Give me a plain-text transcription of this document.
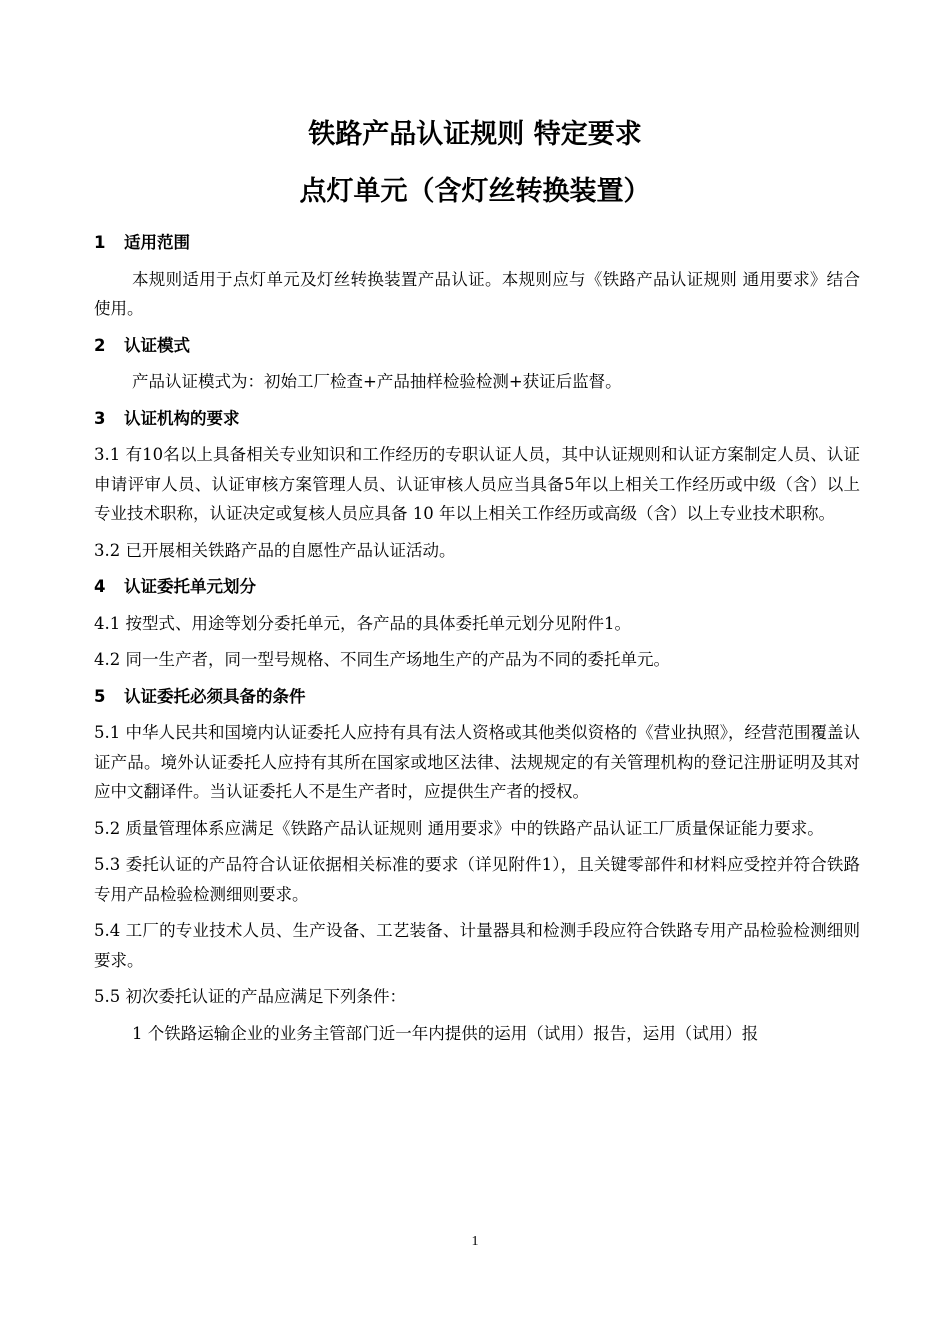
铁路产品认证规则 特定要求
点灯单元（含灯丝转换装置）

1 适用范围

本规则适用于点灯单元及灯丝转换装置产品认证。本规则应与《铁路产品认证规则 通用要求》结合使用。

2 认证模式

产品认证模式为：初始工厂检查+产品抽样检验检测+获证后监督。

3 认证机构的要求

3.1 有10名以上具备相关专业知识和工作经历的专职认证人员，其中认证规则和认证方案制定人员、认证申请评审人员、认证审核方案管理人员、认证审核人员应当具备5年以上相关工作经历或中级（含）以上专业技术职称，认证决定或复核人员应具备 10 年以上相关工作经历或高级（含）以上专业技术职称。

3.2 已开展相关铁路产品的自愿性产品认证活动。

4 认证委托单元划分

4.1 按型式、用途等划分委托单元，各产品的具体委托单元划分见附件1。

4.2 同一生产者，同一型号规格、不同生产场地生产的产品为不同的委托单元。

5 认证委托必须具备的条件

5.1 中华人民共和国境内认证委托人应持有具有法人资格或其他类似资格的《营业执照》，经营范围覆盖认证产品。境外认证委托人应持有其所在国家或地区法律、法规规定的有关管理机构的登记注册证明及其对应中文翻译件。当认证委托人不是生产者时，应提供生产者的授权。

5.2 质量管理体系应满足《铁路产品认证规则 通用要求》中的铁路产品认证工厂质量保证能力要求。

5.3 委托认证的产品符合认证依据相关标准的要求（详见附件1），且关键零部件和材料应受控并符合铁路专用产品检验检测细则要求。

5.4 工厂的专业技术人员、生产设备、工艺装备、计量器具和检测手段应符合铁路专用产品检验检测细则要求。

5.5 初次委托认证的产品应满足下列条件：

1 个铁路运输企业的业务主管部门近一年内提供的运用（试用）报告，运用（试用）报

1
